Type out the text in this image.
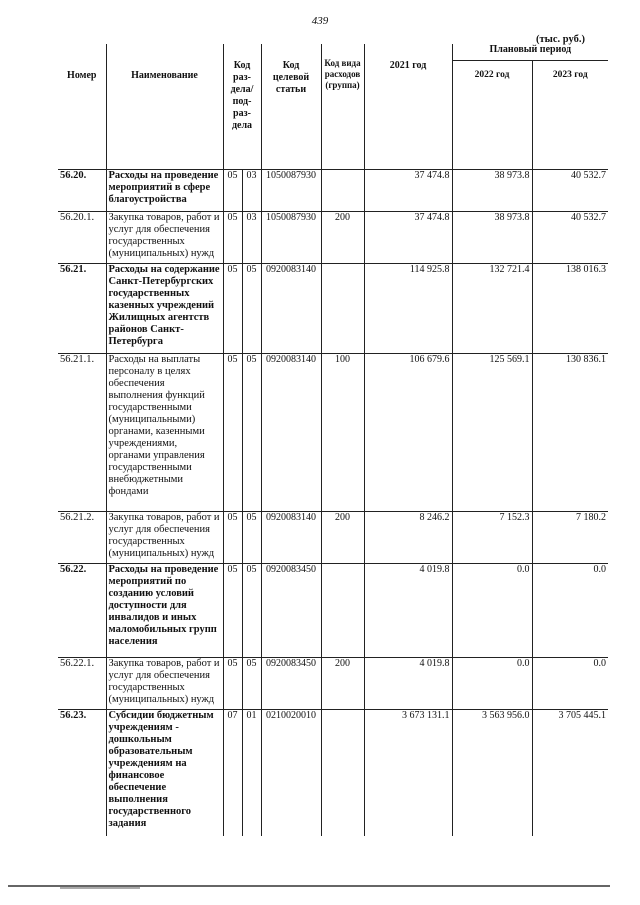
439
(тыс. руб.)
Номер	Наименование	Код раз- дела/ под- раз- дела		Код целевой статьи	Код вида расходов (группа)	2021 год	Плановый период	
							2022 год	2023 год
56.20.	Расходы на проведение мероприятий в сфере благоустройства	05	03	1050087930		37 474.8	38 973.8	40 532.7
56.20.1.	Закупка товаров, работ и услуг для обеспечения государственных (муниципальных) нужд	05	03	1050087930	200	37 474.8	38 973.8	40 532.7
56.21.	Расходы на содержание Санкт-Петербургских государственных казенных учреждений Жилищных агентств районов Санкт-Петербурга	05	05	0920083140		114 925.8	132 721.4	138 016.3
56.21.1.	Расходы на выплаты персоналу в целях обеспечения выполнения функций государственными (муниципальными) органами, казенными учреждениями, органами управления государственными внебюджетными фондами	05	05	0920083140	100	106 679.6	125 569.1	130 836.1
56.21.2.	Закупка товаров, работ и услуг для обеспечения государственных (муниципальных) нужд	05	05	0920083140	200	8 246.2	7 152.3	7 180.2
56.22.	Расходы на проведение мероприятий по созданию условий доступности для инвалидов и иных маломобильных групп населения	05	05	0920083450		4 019.8	0.0	0.0
56.22.1.	Закупка товаров, работ и услуг для обеспечения государственных (муниципальных) нужд	05	05	0920083450	200	4 019.8	0.0	0.0
56.23.	Субсидии бюджетным учреждениям - дошкольным образовательным учреждениям на финансовое обеспечение выполнения государственного задания	07	01	0210020010		3 673 131.1	3 563 956.0	3 705 445.1
